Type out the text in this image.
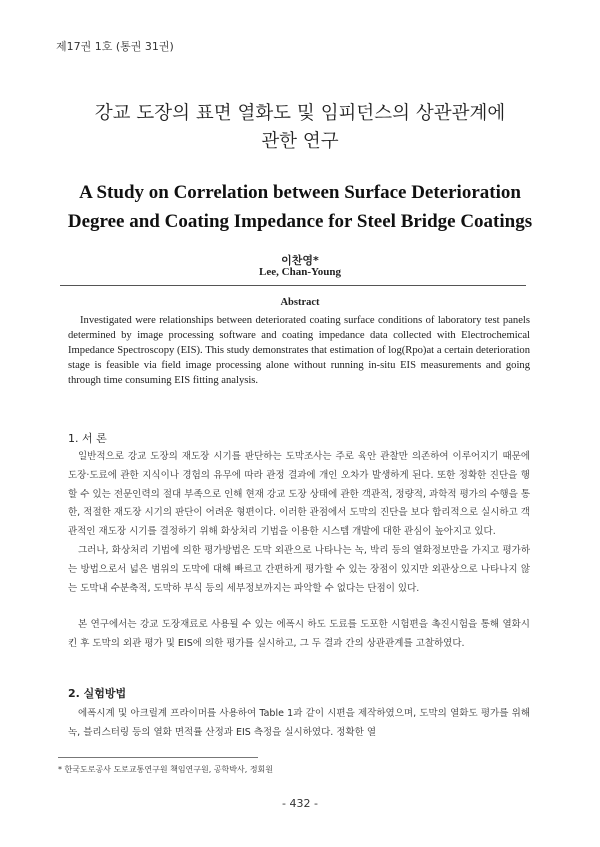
제17권 1호 (통권 31권)
강교 도장의 표면 열화도 및 임피던스의 상관관계에
관한 연구
A Study on Correlation between Surface Deterioration
Degree and Coating Impedance for Steel Bridge Coatings
이찬영*
Lee, Chan-Young
Abstract

Investigated were relationships between deteriorated coating surface conditions of laboratory test panels determined by image processing software and coating impedance data collected with Electrochemical Impedance Spectroscopy (EIS). This study demonstrates that estimation of log(Rpo)at a certain deterioration stage is feasible via field image processing alone without running in-situ EIS measurements and going through time consuming EIS fitting analysis.

1. 서 론

일반적으로 강교 도장의 재도장 시기를 판단하는 도막조사는 주로 육안 관찰만 의존하여 이루어지기 때문에 도장·도료에 관한 지식이나 경험의 유무에 따라 관정 결과에 개인 오차가 발생하게 된다. 또한 정확한 진단을 행할 수 있는 전문인력의 절대 부족으로 인해 현재 강교 도장 상태에 관한 객관적, 정량적, 과학적 평가의 수행을 통한, 적절한 재도장 시기의 판단이 어려운 형편이다. 이러한 관점에서 도막의 진단을 보다 합리적으로 실시하고 객관적인 재도장 시기를 결정하기 위해 화상처리 기법을 이용한 시스템 개발에 대한 관심이 높아지고 있다.

그러나, 화상처리 기법에 의한 평가방법은 도막 외관으로 나타나는 녹, 박리 등의 열화정보만을 가지고 평가하는 방법으로서 넓은 범위의 도막에 대해 빠르고 간편하게 평가할 수 있는 장점이 있지만 외관상으로 나타나지 않는 도막내 수분축적, 도막하 부식 등의 세부정보까지는 파악할 수 없다는 단점이 있다.

본 연구에서는 강교 도장재료로 사용될 수 있는 에폭시 하도 도료를 도포한 시험편을 촉진시험을 통해 열화시킨 후 도막의 외관 평가 및 EIS에 의한 평가를 실시하고, 그 두 결과 간의 상관관계를 고찰하였다.

2. 실험방법

에폭시계 및 아크릴계 프라이머를 사용하여 Table 1과 같이 시편을 제작하였으며, 도막의 열화도 평가를 위해 녹, 블리스터링 등의 열화 면적률 산정과 EIS 측정을 실시하였다. 정확한 열

* 한국도로공사 도로교통연구원 책임연구원, 공학박사, 정회원
- 432 -
